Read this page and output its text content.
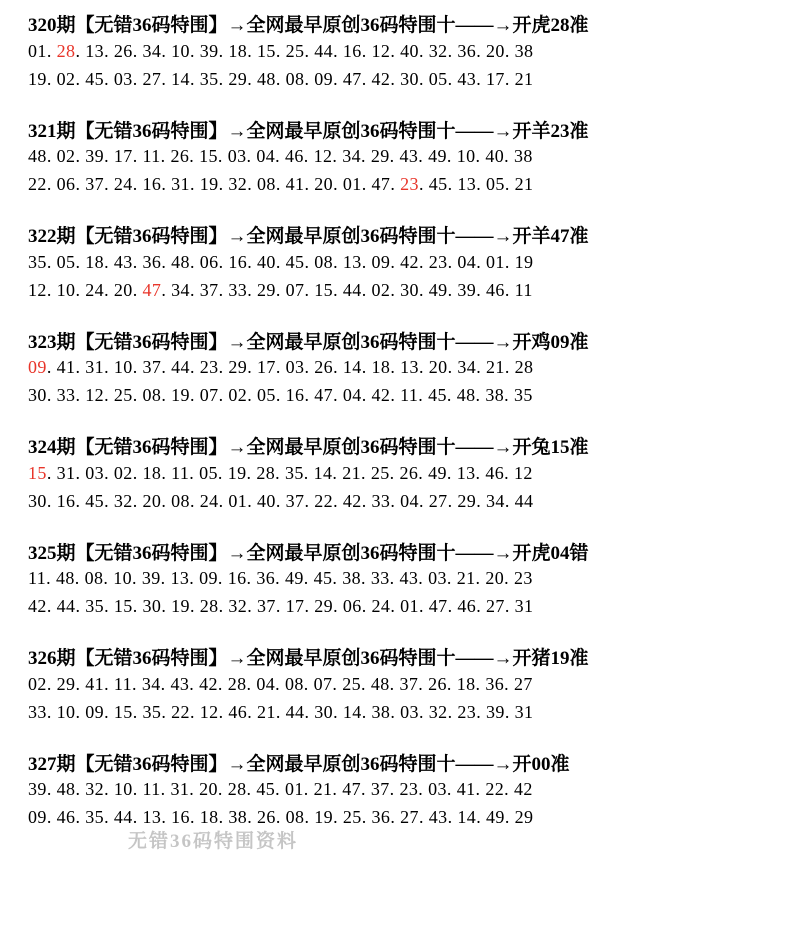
320期【无错36码特围】→全网最早原创36码特围十——→开虎28准
01. 28. 13. 26. 34. 10. 39. 18. 15. 25. 44. 16. 12. 40. 32. 36. 20. 38
19. 02. 45. 03. 27. 14. 35. 29. 48. 08. 09. 47. 42. 30. 05. 43. 17. 21
321期【无错36码特围】→全网最早原创36码特围十——→开羊23准
48. 02. 39. 17. 11. 26. 15. 03. 04. 46. 12. 34. 29. 43. 49. 10. 40. 38
22. 06. 37. 24. 16. 31. 19. 32. 08. 41. 20. 01. 47. 23. 45. 13. 05. 21
322期【无错36码特围】→全网最早原创36码特围十——→开羊47准
35. 05. 18. 43. 36. 48. 06. 16. 40. 45. 08. 13. 09. 42. 23. 04. 01. 19
12. 10. 24. 20. 47. 34. 37. 33. 29. 07. 15. 44. 02. 30. 49. 39. 46. 11
323期【无错36码特围】→全网最早原创36码特围十——→开鸡09准
09. 41. 31. 10. 37. 44. 23. 29. 17. 03. 26. 14. 18. 13. 20. 34. 21. 28
30. 33. 12. 25. 08. 19. 07. 02. 05. 16. 47. 04. 42. 11. 45. 48. 38. 35
324期【无错36码特围】→全网最早原创36码特围十——→开兔15准
15. 31. 03. 02. 18. 11. 05. 19. 28. 35. 14. 21. 25. 26. 49. 13. 46. 12
30. 16. 45. 32. 20. 08. 24. 01. 40. 37. 22. 42. 33. 04. 27. 29. 34. 44
325期【无错36码特围】→全网最早原创36码特围十——→开虎04错
11. 48. 08. 10. 39. 13. 09. 16. 36. 49. 45. 38. 33. 43. 03. 21. 20. 23
42. 44. 35. 15. 30. 19. 28. 32. 37. 17. 29. 06. 24. 01. 47. 46. 27. 31
326期【无错36码特围】→全网最早原创36码特围十——→开猪19准
02. 29. 41. 11. 34. 43. 42. 28. 04. 08. 07. 25. 48. 37. 26. 18. 36. 27
33. 10. 09. 15. 35. 22. 12. 46. 21. 44. 30. 14. 38. 03. 32. 23. 39. 31
327期【无错36码特围】→全网最早原创36码特围十——→开00准
39. 48. 32. 10. 11. 31. 20. 28. 45. 01. 21. 47. 37. 23. 03. 41. 22. 42
09. 46. 35. 44. 13. 16. 18. 38. 26. 08. 19. 25. 36. 27. 43. 14. 49. 29
无错36码特围资料
